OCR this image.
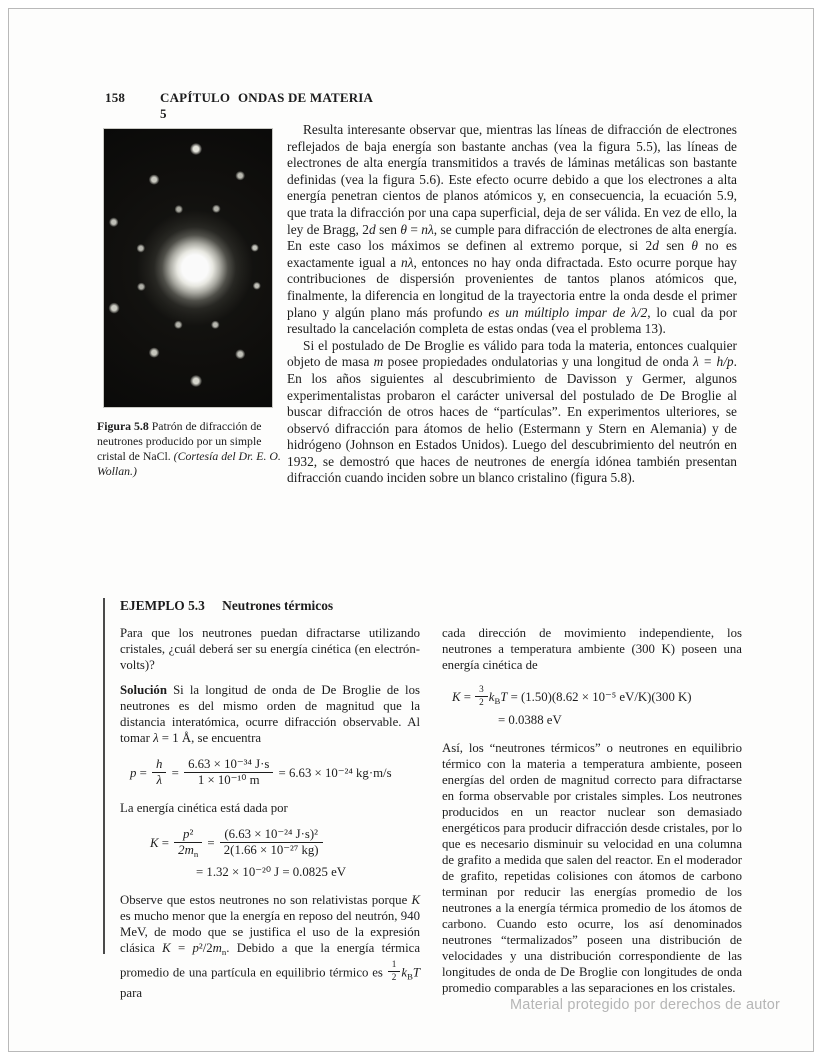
158	CAPÍTULO 5
ONDAS DE MATERIA

Figura 5.8 Patrón de difracción de neutrones producido por un simple cristal de NaCl. (Cortesía del Dr. E. O. Wollan.)

Resulta interesante observar que, mientras las líneas de difracción de electrones reflejados de baja energía son bastante anchas (vea la figura 5.5), las líneas de electrones de alta energía transmitidos a través de láminas metálicas son bastante definidas (vea la figura 5.6). Este efecto ocurre debido a que los electrones a alta energía penetran cientos de planos atómicos y, en consecuencia, la ecuación 5.9, que trata la difracción por una capa superficial, deja de ser válida. En vez de ello, la ley de Bragg, 2d sen θ = nλ, se cumple para difracción de electrones de alta energía. En este caso los máximos se definen al extremo porque, si 2d sen θ no es exactamente igual a nλ, entonces no hay onda difractada. Esto ocurre porque hay contribuciones de dispersión provenientes de tantos planos atómicos que, finalmente, la diferencia en longitud de la trayectoria entre la onda desde el primer plano y algún plano más profundo es un múltiplo impar de λ/2, lo cual da por resultado la cancelación completa de estas ondas (vea el problema 13).

Si el postulado de De Broglie es válido para toda la materia, entonces cualquier objeto de masa m posee propiedades ondulatorias y una longitud de onda λ = h/p. En los años siguientes al descubrimiento de Davisson y Germer, algunos experimentalistas probaron el carácter universal del postulado de De Broglie al buscar difracción de otros haces de “partículas”. En experimentos ulteriores, se observó difracción para átomos de helio (Estermann y Stern en Alemania) y de hidrógeno (Johnson en Estados Unidos). Luego del descubrimiento del neutrón en 1932, se demostró que haces de neutrones de energía idónea también presentan difracción cuando inciden sobre un blanco cristalino (figura 5.8).

EJEMPLO 5.3 Neutrones térmicos

Para que los neutrones puedan difractarse utilizando cristales, ¿cuál deberá ser su energía cinética (en electrón-volts)?

Solución Si la longitud de onda de De Broglie de los neutrones es del mismo orden de magnitud que la distancia interatómica, ocurre difracción observable. Al tomar λ = 1 Å, se encuentra

$p = \frac{h}{\lambda} = \frac{\text{6.63 × 10⁻³⁴ J·s}}{\text{1 × 10⁻¹⁰ m}} = 6.63 \times 10^{-24}$ kg·m/s

La energía cinética está dada por

$K = \frac{\text{p²}}{2m_n} = \frac{\text{(6.63 × 10⁻²⁴ J·s)²}}{\text{2(1.66 × 10⁻²⁷ kg)}}$
= 1.32 × 10⁻²⁰ J = 0.0825 eV

Observe que estos neutrones no son relativistas porque K es mucho menor que la energía en reposo del neutrón, 940 MeV, de modo que se justifica el uso de la expresión clásica $K = p^2/2m_n$. Debido a que la energía térmica promedio de una partícula en equilibrio térmico es $\frac{1}{2} k_BT$ para

cada dirección de movimiento independiente, los neutrones a temperatura ambiente (300 K) poseen una energía cinética de

$K = \frac{3}{2} k_BT = (1.50)(8.62 \times 10^{-5}$ eV/K)(300 K)
= 0.0388 eV

Así, los “neutrones térmicos” o neutrones en equilibrio térmico con la materia a temperatura ambiente, poseen energías del orden de magnitud correcto para difractarse en forma observable por cristales simples. Los neutrones producidos en un reactor nuclear son demasiado energéticos para producir difracción desde cristales, por lo que es necesario disminuir su velocidad en una columna de grafito a medida que salen del reactor. En el moderador de grafito, repetidas colisiones con átomos de carbono terminan por reducir las energías promedio de los neutrones a la energía térmica promedio de los átomos de carbono. Cuando esto ocurre, los así denominados neutrones “termalizados” poseen una distribución de velocidades y una distribución correspondiente de las longitudes de onda de De Broglie con longitudes de onda promedio comparables a las separaciones en los cristales.

Material protegido por derechos de autor
